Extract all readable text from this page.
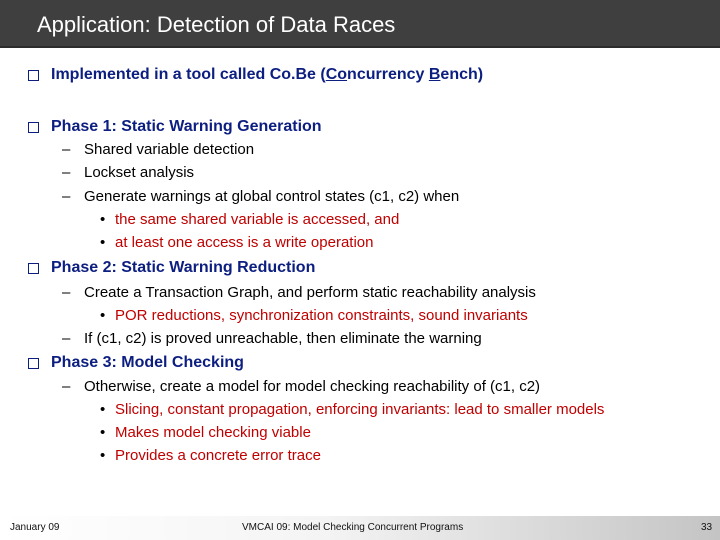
Application: Detection of Data Races
Implemented in a tool called Co.Be (Concurrency Bench)
Phase 1: Static Warning Generation
– Shared variable detection
– Lockset analysis
– Generate warnings at global control states (c1, c2) when
• the same shared variable is accessed, and
• at least one access is a write operation
Phase 2: Static Warning Reduction
– Create a Transaction Graph, and perform static reachability analysis
• POR reductions, synchronization constraints, sound invariants
– If (c1, c2) is proved unreachable, then eliminate the warning
Phase 3: Model Checking
– Otherwise, create a model for model checking reachability of (c1, c2)
• Slicing, constant propagation, enforcing invariants: lead to smaller models
• Makes model checking viable
• Provides a concrete error trace
January 09	VMCAI 09: Model Checking Concurrent Programs	33
